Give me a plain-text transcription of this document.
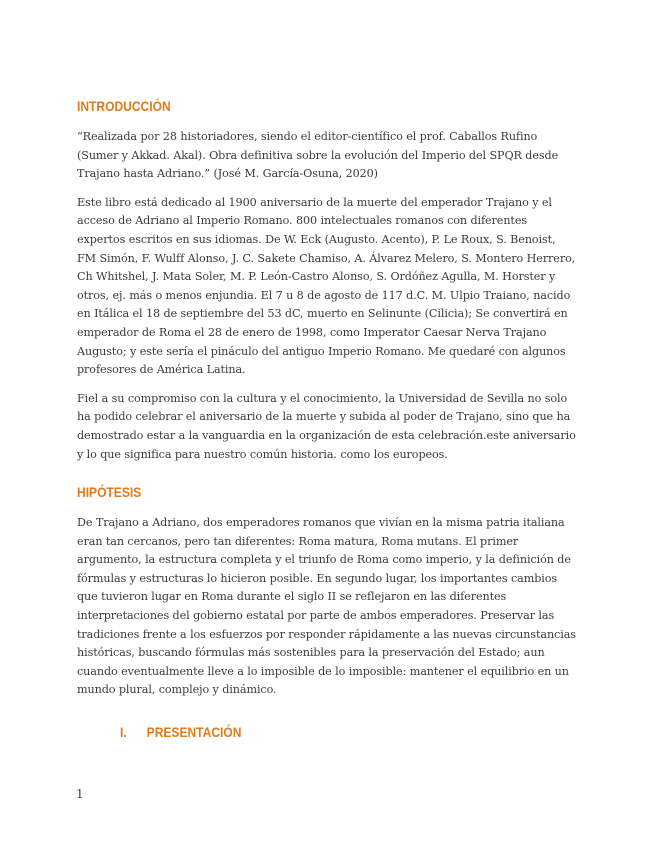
INTRODUCCIÓN

“Realizada por 28 historiadores, siendo el editor-científico el prof. Caballos Rufino (Sumer y Akkad. Akal). Obra definitiva sobre la evolución del Imperio del SPQR desde Trajano hasta Adriano.” (José M. García-Osuna, 2020)

Este libro está dedicado al 1900 aniversario de la muerte del emperador Trajano y el acceso de Adriano al Imperio Romano. 800 intelectuales romanos con diferentes expertos escritos en sus idiomas. De W. Eck (Augusto. Acento), P. Le Roux, S. Benoist, FM Simón, F. Wulff Alonso, J. C. Sakete Chamiso, A. Álvarez Melero, S. Montero Herrero, Ch Whitshel, J. Mata Soler, M. P. León-Castro Alonso, S. Ordóñez Agulla, M. Horster y otros, ej. más o menos enjundia. El 7 u 8 de agosto de 117 d.C. M. Ulpio Traiano, nacido en Itálica el 18 de septiembre del 53 dC, muerto en Selinunte (Cilicia); Se convertirá en emperador de Roma el 28 de enero de 1998, como Imperator Caesar Nerva Trajano Augusto; y este sería el pináculo del antiguo Imperio Romano. Me quedaré con algunos profesores de América Latina.

Fiel a su compromiso con la cultura y el conocimiento, la Universidad de Sevilla no solo ha podido celebrar el aniversario de la muerte y subida al poder de Trajano, sino que ha demostrado estar a la vanguardia en la organización de esta celebración.este aniversario y lo que significa para nuestro común historia. como los europeos.

HIPÓTESIS

De Trajano a Adriano, dos emperadores romanos que vivían en la misma patria italiana eran tan cercanos, pero tan diferentes: Roma matura, Roma mutans. El primer argumento, la estructura completa y el triunfo de Roma como imperio, y la definición de fórmulas y estructuras lo hicieron posible. En segundo lugar, los importantes cambios que tuvieron lugar en Roma durante el siglo II se reflejaron en las diferentes interpretaciones del gobierno estatal por parte de ambos emperadores. Preservar las tradiciones frente a los esfuerzos por responder rápidamente a las nuevas circunstancias históricas, buscando fórmulas más sostenibles para la preservación del Estado; aun cuando eventualmente lleve a lo imposible de lo imposible: mantener el equilibrio en un mundo plural, complejo y dinámico.

I.	PRESENTACIÓN
1
